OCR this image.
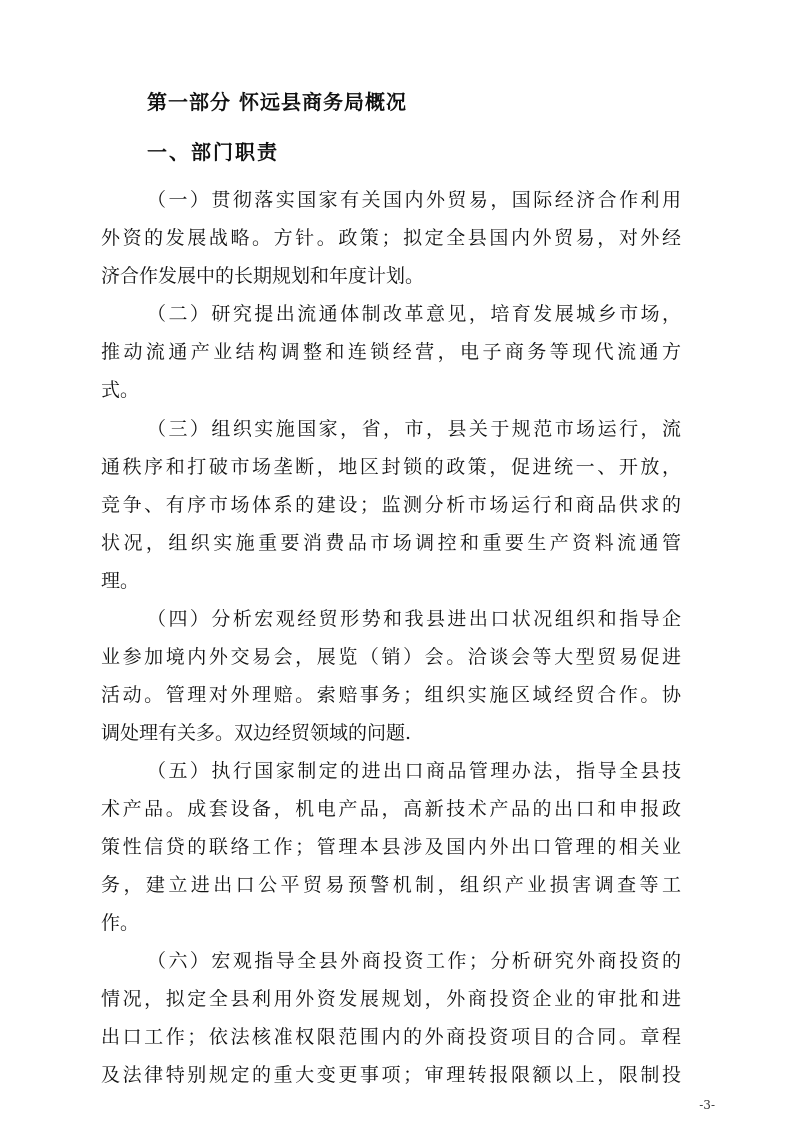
第一部分 怀远县商务局概况
一、部门职责
（一）贯彻落实国家有关国内外贸易，国际经济合作利用
外资的发展战略。方针。政策；拟定全县国内外贸易，对外经
济合作发展中的长期规划和年度计划。
（二）研究提出流通体制改革意见，培育发展城乡市场，
推动流通产业结构调整和连锁经营，电子商务等现代流通方
式。
（三）组织实施国家，省，市，县关于规范市场运行，流
通秩序和打破市场垄断，地区封锁的政策，促进统一、开放，
竞争、有序市场体系的建设；监测分析市场运行和商品供求的
状况，组织实施重要消费品市场调控和重要生产资料流通管
理。
（四）分析宏观经贸形势和我县进出口状况组织和指导企
业参加境内外交易会，展览（销）会。洽谈会等大型贸易促进
活动。管理对外理赔。索赔事务；组织实施区域经贸合作。协
调处理有关多。双边经贸领域的问题.
（五）执行国家制定的进出口商品管理办法，指导全县技
术产品。成套设备，机电产品，高新技术产品的出口和申报政
策性信贷的联络工作；管理本县涉及国内外出口管理的相关业
务，建立进出口公平贸易预警机制，组织产业损害调查等工
作。
（六）宏观指导全县外商投资工作；分析研究外商投资的
情况，拟定全县利用外资发展规划，外商投资企业的审批和进
出口工作；依法核准权限范围内的外商投资项目的合同。章程
及法律特别规定的重大变更事项；审理转报限额以上，限制投
-3-
